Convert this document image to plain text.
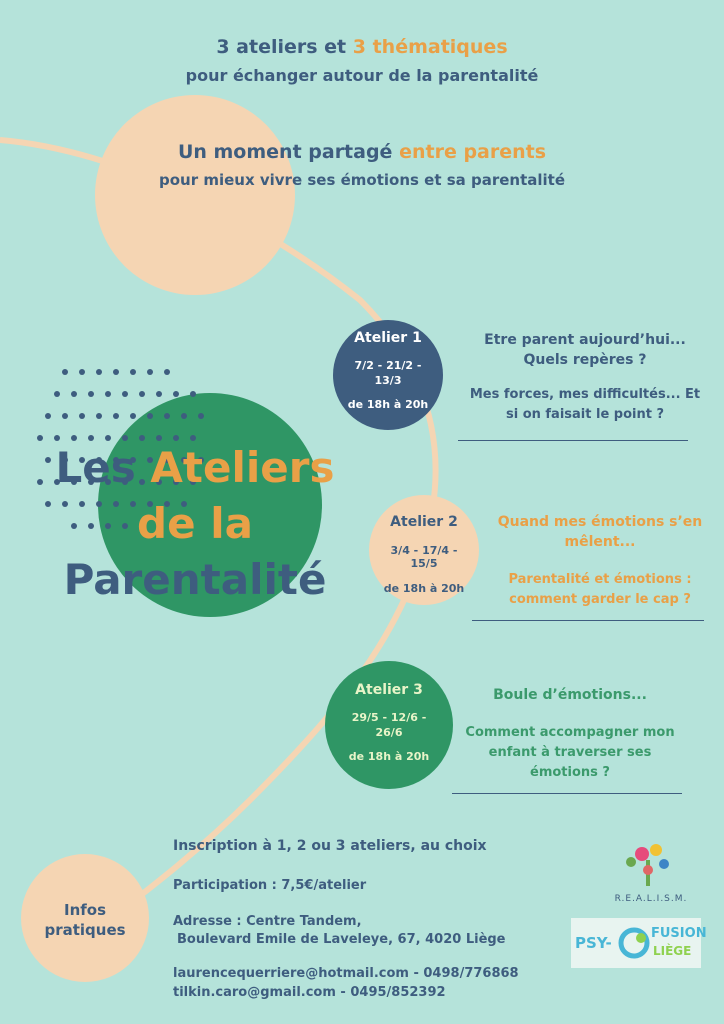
3 ateliers et 3 thématiques
pour échanger autour de la parentalité
Un moment partagé entre parents
pour mieux vivre ses émotions et sa parentalité
Les Ateliers
de la
Parentalité
Atelier 1
7/2 - 21/2 - 13/3
de 18h à 20h
Etre parent aujourd’hui... Quels repères ?
Mes forces, mes difficultés... Et si on faisait le point ?
Atelier 2
3/4 - 17/4 - 15/5
de 18h à 20h
Quand mes émotions s’en mêlent...
Parentalité et émotions : comment garder le cap ?
Atelier 3
29/5 - 12/6 - 26/6
de 18h à 20h
Boule d’émotions...
Comment accompagner mon enfant à traverser ses émotions ?
Infos pratiques
Inscription à 1, 2 ou 3 ateliers, au choix
Participation : 7,5€/atelier
Adresse : Centre Tandem,
Boulevard Emile de Laveleye, 67, 4020 Liège
laurencequerriere@hotmail.com - 0498/776868
tilkin.caro@gmail.com - 0495/852392
R.E.A.L.I.S.M.
PSY-
FUSION
LIÈGE
